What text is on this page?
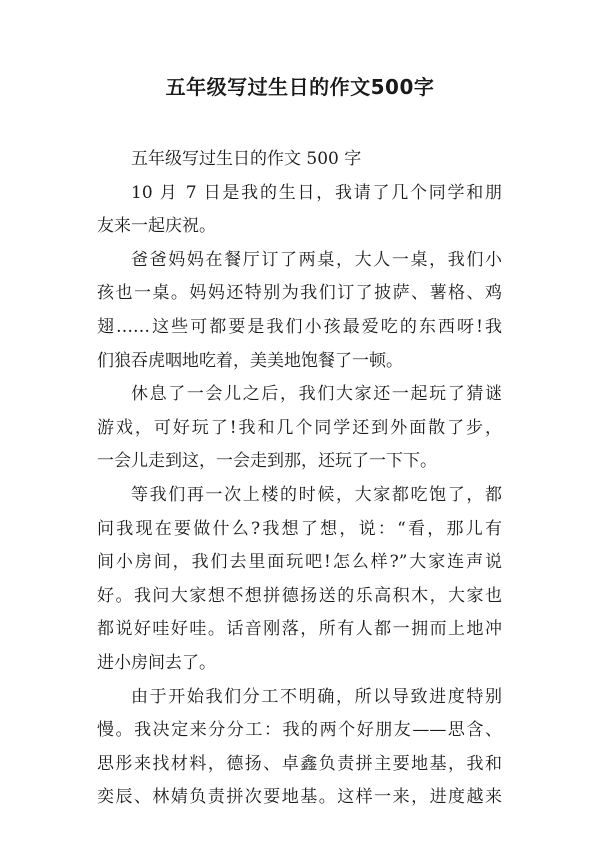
五年级写过生日的作文500字

五年级写过生日的作文 500 字

10 月 7 日是我的生日，我请了几个同学和朋
友来一起庆祝。

爸爸妈妈在餐厅订了两桌，大人一桌，我们小
孩也一桌。妈妈还特别为我们订了披萨、薯格、鸡
翅……这些可都要是我们小孩最爱吃的东西呀!我
们狼吞虎咽地吃着，美美地饱餐了一顿。

休息了一会儿之后，我们大家还一起玩了猜谜
游戏，可好玩了!我和几个同学还到外面散了步，
一会儿走到这，一会走到那，还玩了一下下。

等我们再一次上楼的时候，大家都吃饱了，都
问我现在要做什么?我想了想，说：“看，那儿有
间小房间，我们去里面玩吧!怎么样?”大家连声说
好。我问大家想不想拼德扬送的乐高积木，大家也
都说好哇好哇。话音刚落，所有人都一拥而上地冲
进小房间去了。

由于开始我们分工不明确，所以导致进度特别
慢。我决定来分分工：我的两个好朋友——思含、
思彤来找材料，德扬、卓鑫负责拼主要地基，我和
奕辰、林婧负责拼次要地基。这样一来，进度越来
